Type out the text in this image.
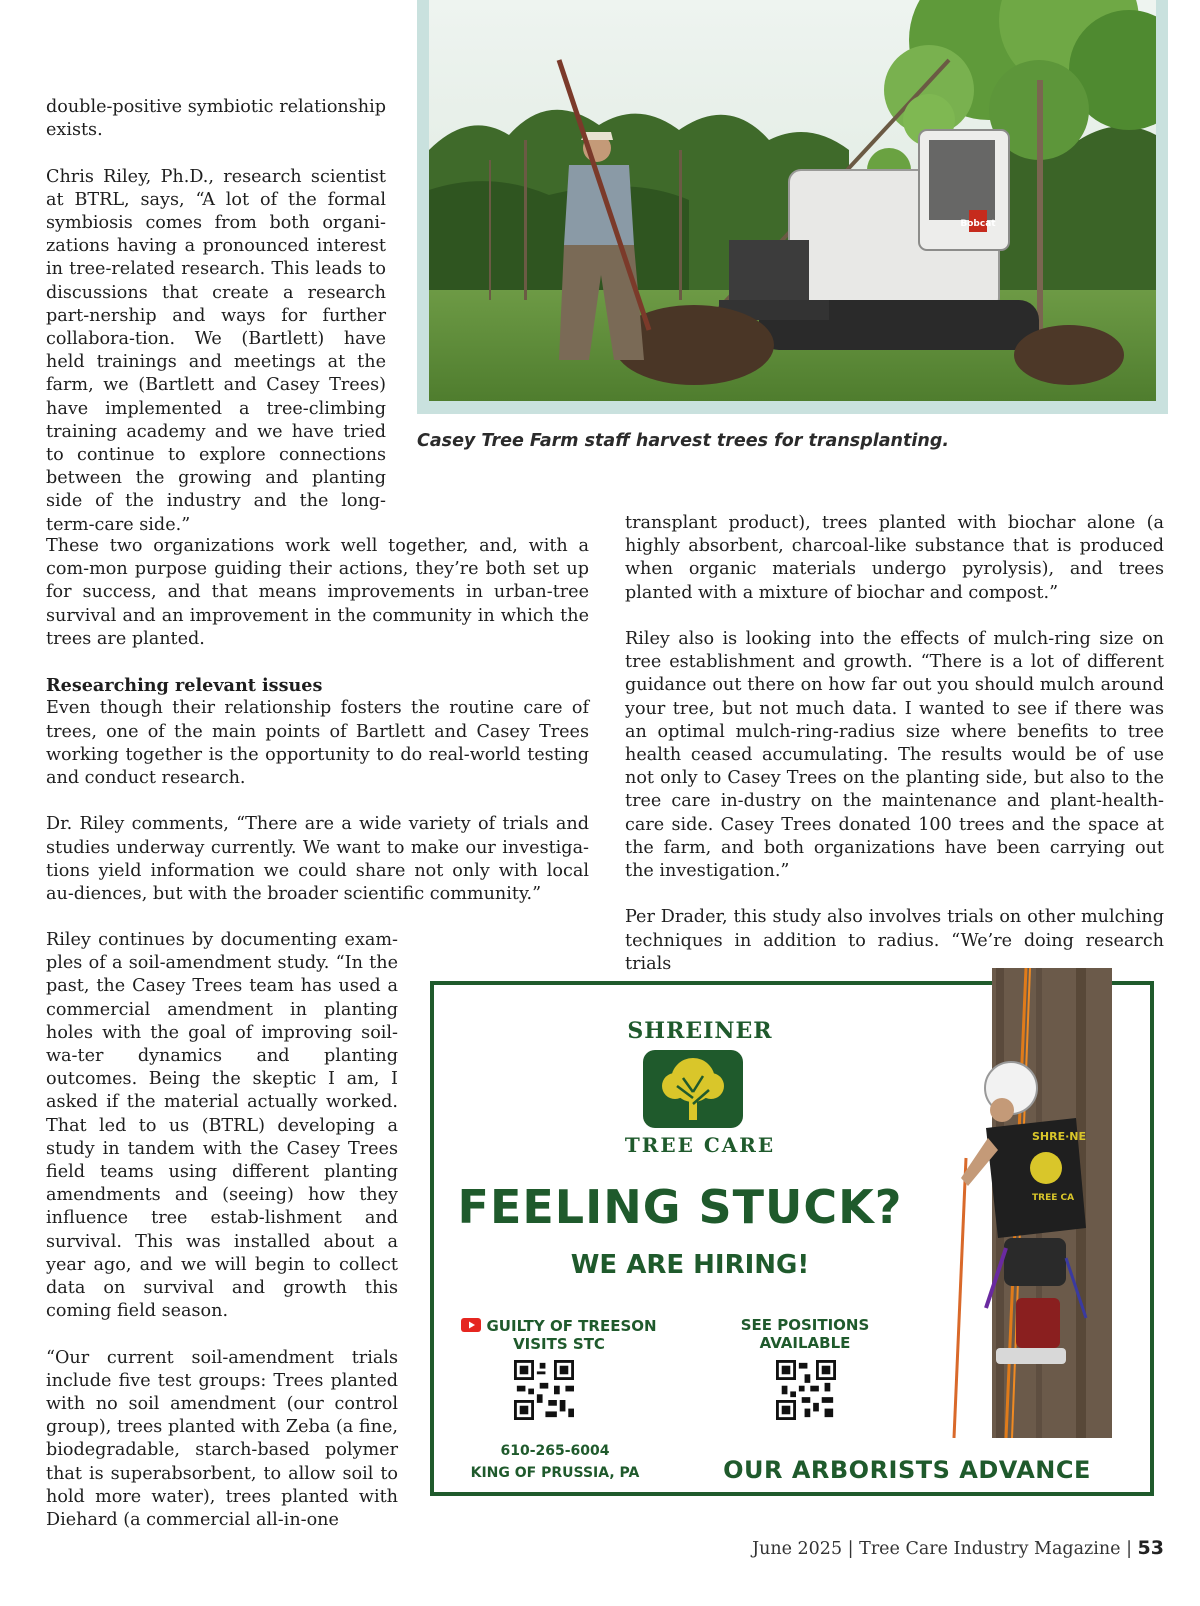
Bobcat
Casey Tree Farm staff harvest trees for transplanting.

double-positive symbiotic relationship exists.

Chris Riley, Ph.D., research scientist at BTRL, says, “A lot of the formal symbiosis comes from both organi-zations having a pronounced interest in tree-related research. This leads to discussions that create a research part-nership and ways for further collabora-tion. We (Bartlett) have held trainings and meetings at the farm, we (Bartlett and Casey Trees) have implemented a tree-climbing training academy and we have tried to continue to explore connections between the growing and planting side of the industry and the long-term-care side.”

These two organizations work well together, and, with a com-mon purpose guiding their actions, they’re both set up for success, and that means improvements in urban-tree survival and an improvement in the community in which the trees are planted.

Researching relevant issues

Even though their relationship fosters the routine care of trees, one of the main points of Bartlett and Casey Trees working together is the opportunity to do real-world testing and conduct research.

Dr. Riley comments, “There are a wide variety of trials and studies underway currently. We want to make our investiga-tions yield information we could share not only with local au-diences, but with the broader scientific community.”

Riley continues by documenting exam-ples of a soil-amendment study. “In the past, the Casey Trees team has used a commercial amendment in planting holes with the goal of improving soil-wa-ter dynamics and planting outcomes. Being the skeptic I am, I asked if the material actually worked. That led to us (BTRL) developing a study in tandem with the Casey Trees field teams using different planting amendments and (seeing) how they influence tree estab-lishment and survival. This was installed about a year ago, and we will begin to collect data on survival and growth this coming field season.

“Our current soil-amendment trials include five test groups: Trees planted with no soil amendment (our control group), trees planted with Zeba (a fine, biodegradable, starch-based polymer that is superabsorbent, to allow soil to hold more water), trees planted with Diehard (a commercial all-in-one

transplant product), trees planted with biochar alone (a highly absorbent, charcoal-like substance that is produced when organic materials undergo pyrolysis), and trees planted with a mixture of biochar and compost.”

Riley also is looking into the effects of mulch-ring size on tree establishment and growth. “There is a lot of different guidance out there on how far out you should mulch around your tree, but not much data. I wanted to see if there was an optimal mulch-ring-radius size where benefits to tree health ceased accumulating. The results would be of use not only to Casey Trees on the planting side, but also to the tree care in-dustry on the maintenance and plant-health-care side. Casey Trees donated 100 trees and the space at the farm, and both organizations have been carrying out the investigation.”

Per Drader, this study also involves trials on other mulching techniques in addition to radius. “We’re doing research trials

SHREINER

TREE CARE

FEELING STUCK?

WE ARE HIRING!

GUILTY OF TREESON
VISITS STC
SEE POSITIONS
AVAILABLE

610-265-6004

KING OF PRUSSIA, PA	OUR ARBORISTS ADVANCE

SHRE·NE
TREE CA
June 2025 | Tree Care Industry Magazine | 53
